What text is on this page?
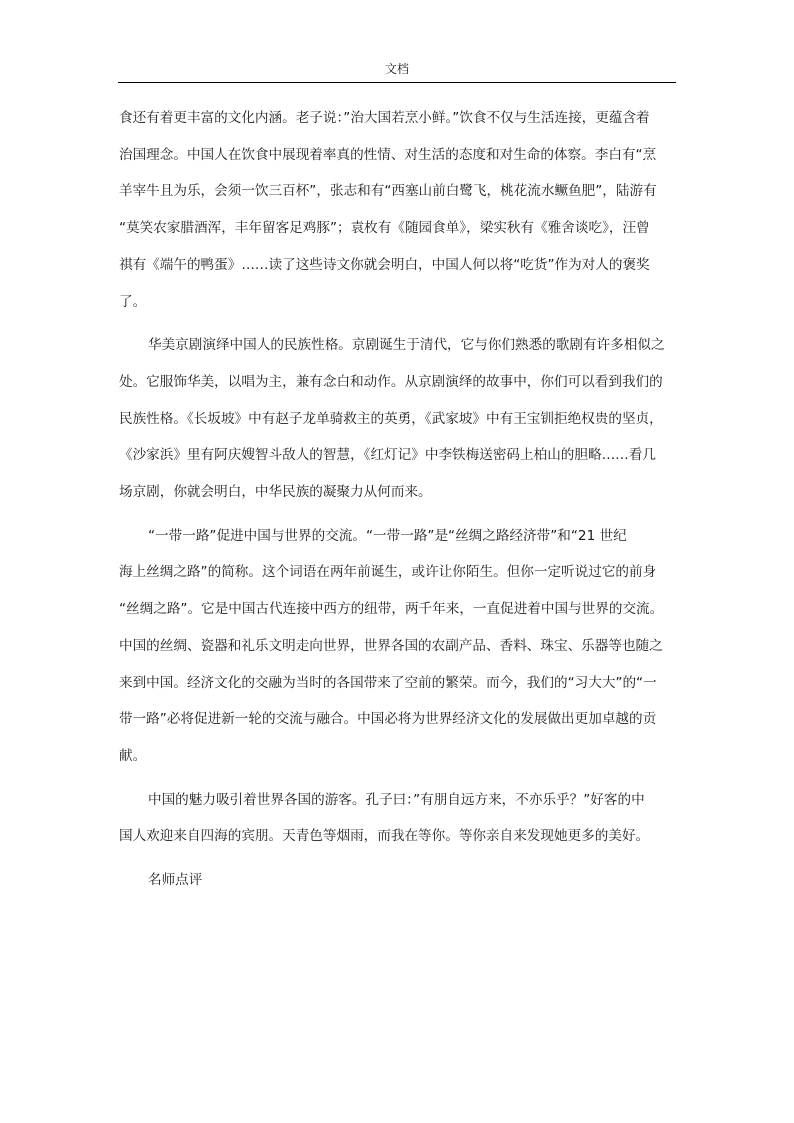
文档

食还有着更丰富的文化内涵。老子说：”治大国若烹小鲜。”饮食不仅与生活连接，更蕴含着
治国理念。中国人在饮食中展现着率真的性情、对生活的态度和对生命的体察。李白有“烹
羊宰牛且为乐，会须一饮三百杯”，张志和有“西塞山前白鹭飞，桃花流水鳜鱼肥”，陆游有
“莫笑农家腊酒浑，丰年留客足鸡豚”；袁枚有《随园食单》，梁实秋有《雅舍谈吃》，汪曾
祺有《端午的鸭蛋》……读了这些诗文你就会明白，中国人何以将“吃货”作为对人的褒奖
了。

华美京剧演绎中国人的民族性格。京剧诞生于清代，它与你们熟悉的歌剧有许多相似之
处。它服饰华美，以唱为主，兼有念白和动作。从京剧演绎的故事中，你们可以看到我们的
民族性格。《长坂坡》中有赵子龙单骑救主的英勇，《武家坡》中有王宝钏拒绝权贵的坚贞，
《沙家浜》里有阿庆嫂智斗敌人的智慧，《红灯记》中李铁梅送密码上柏山的胆略……看几
场京剧，你就会明白，中华民族的凝聚力从何而来。

“一带一路”促进中国与世界的交流。“一带一路”是“丝绸之路经济带”和“21 世纪
海上丝绸之路”的简称。这个词语在两年前诞生，或许让你陌生。但你一定听说过它的前身
“丝绸之路”。它是中国古代连接中西方的纽带，两千年来，一直促进着中国与世界的交流。
中国的丝绸、瓷器和礼乐文明走向世界，世界各国的农副产品、香料、珠宝、乐器等也随之
来到中国。经济文化的交融为当时的各国带来了空前的繁荣。而今，我们的“习大大”的“一
带一路”必将促进新一轮的交流与融合。中国必将为世界经济文化的发展做出更加卓越的贡
献。

中国的魅力吸引着世界各国的游客。孔子曰：”有朋自远方来，不亦乐乎？”好客的中
国人欢迎来自四海的宾朋。天青色等烟雨，而我在等你。等你亲自来发现她更多的美好。

名师点评
